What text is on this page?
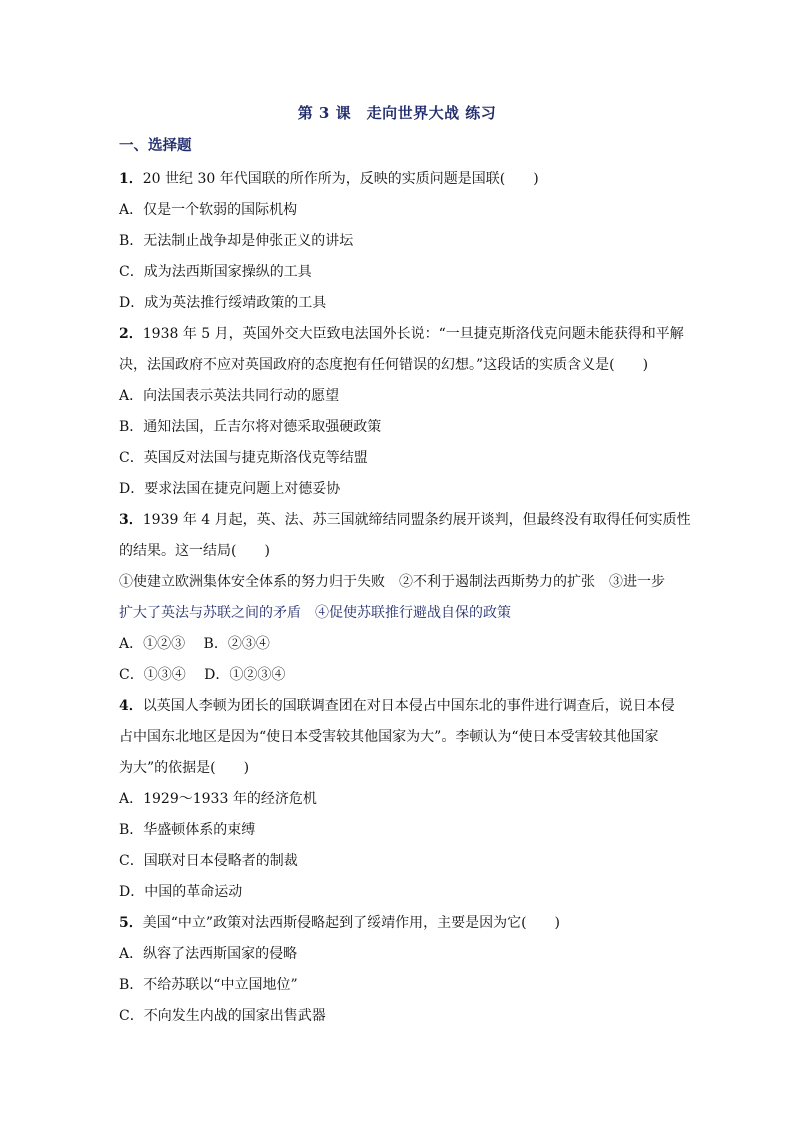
第 3 课　走向世界大战 练习
一、选择题
1．20 世纪 30 年代国联的所作所为，反映的实质问题是国联(　　)
A．仅是一个软弱的国际机构
B．无法制止战争却是伸张正义的讲坛
C．成为法西斯国家操纵的工具
D．成为英法推行绥靖政策的工具
2．1938 年 5 月，英国外交大臣致电法国外长说：“一旦捷克斯洛伐克问题未能获得和平解
决，法国政府不应对英国政府的态度抱有任何错误的幻想。”这段话的实质含义是(　　)
A．向法国表示英法共同行动的愿望
B．通知法国，丘吉尔将对德采取强硬政策
C．英国反对法国与捷克斯洛伐克等结盟
D．要求法国在捷克问题上对德妥协
3．1939 年 4 月起，英、法、苏三国就缔结同盟条约展开谈判，但最终没有取得任何实质性
的结果。这一结局(　　)
①使建立欧洲集体安全体系的努力归于失败　②不利于遏制法西斯势力的扩张　③进一步
扩大了英法与苏联之间的矛盾　④促使苏联推行避战自保的政策
A．①②③　 B．②③④
C．①③④　 D．①②③④
4．以英国人李顿为团长的国联调查团在对日本侵占中国东北的事件进行调查后，说日本侵
占中国东北地区是因为“使日本受害较其他国家为大”。李顿认为“使日本受害较其他国家
为大”的依据是(　　)
A．1929～1933 年的经济危机
B．华盛顿体系的束缚
C．国联对日本侵略者的制裁
D．中国的革命运动
5．美国“中立”政策对法西斯侵略起到了绥靖作用，主要是因为它(　　)
A．纵容了法西斯国家的侵略
B．不给苏联以“中立国地位”
C．不向发生内战的国家出售武器
